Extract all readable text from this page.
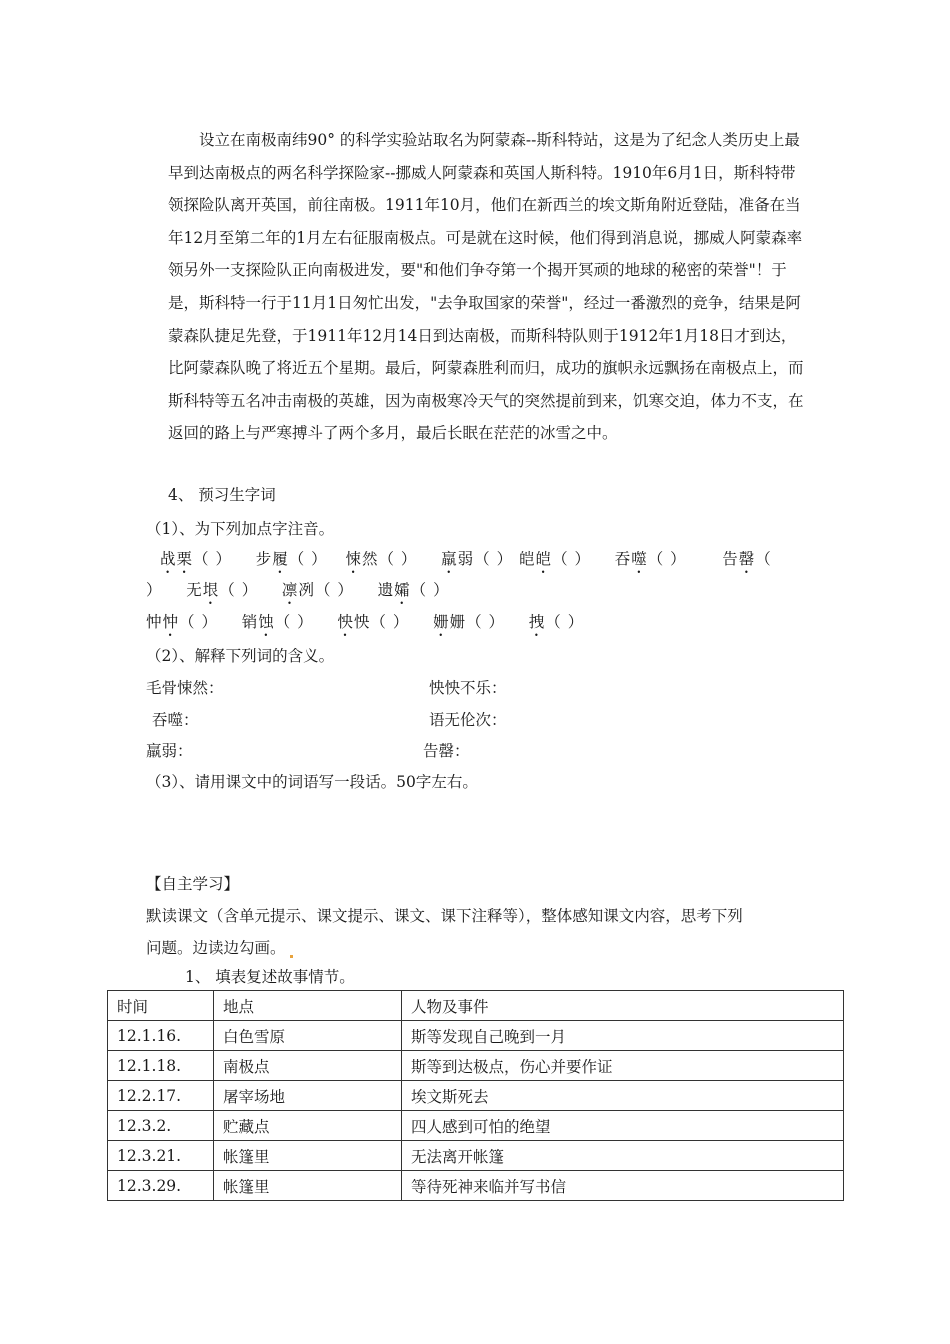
设立在南极南纬90° 的科学实验站取名为阿蒙森--斯科特站，这是为了纪念人类历史上最早到达南极点的两名科学探险家--挪威人阿蒙森和英国人斯科特。1910年6月1日，斯科特带领探险队离开英国，前往南极。1911年10月，他们在新西兰的埃文斯角附近登陆，准备在当年12月至第二年的1月左右征服南极点。可是就在这时候，他们得到消息说，挪威人阿蒙森率领另外一支探险队正向南极进发，要"和他们争夺第一个揭开冥顽的地球的秘密的荣誉"！于是，斯科特一行于11月1日匆忙出发，"去争取国家的荣誉"，经过一番激烈的竞争，结果是阿蒙森队捷足先登，于1911年12月14日到达南极，而斯科特队则于1912年1月18日才到达，比阿蒙森队晚了将近五个星期。最后，阿蒙森胜利而归，成功的旗帜永远飘扬在南极点上，而斯科特等五名冲击南极的英雄，因为南极寒冷天气的突然提前到来，饥寒交迫，体力不支，在返回的路上与严寒搏斗了两个多月，最后长眠在茫茫的冰雪之中。

4、 预习生字词

（1）、为下列加点字注音。

战栗（ ） 步履（ ） 悚然（ ） 羸弱（ ） 皑皑（ ） 吞噬（ ） 告罄（

） 无垠（ ） 凛冽（ ） 遗孀（ ）

忡忡（ ） 销蚀（ ） 怏怏（ ） 姗姗（ ） 拽（ ）

（2）、解释下列词的含义。

毛骨悚然：	怏怏不乐：

吞噬：	语无伦次：

羸弱：	告罄：

（3）、请用课文中的词语写一段话。50字左右。

【自主学习】

默读课文（含单元提示、课文提示、课文、课下注释等），整体感知课文内容，思考下列

问题。边读边勾画。

1、 填表复述故事情节。

时间	地点	人物及事件
12.1.16.	白色雪原	斯等发现自己晚到一月
12.1.18.	南极点	斯等到达极点，伤心并要作证
12.2.17.	屠宰场地	埃文斯死去
12.3.2.	贮藏点	四人感到可怕的绝望
12.3.21.	帐篷里	无法离开帐篷
12.3.29.	帐篷里	等待死神来临并写书信
